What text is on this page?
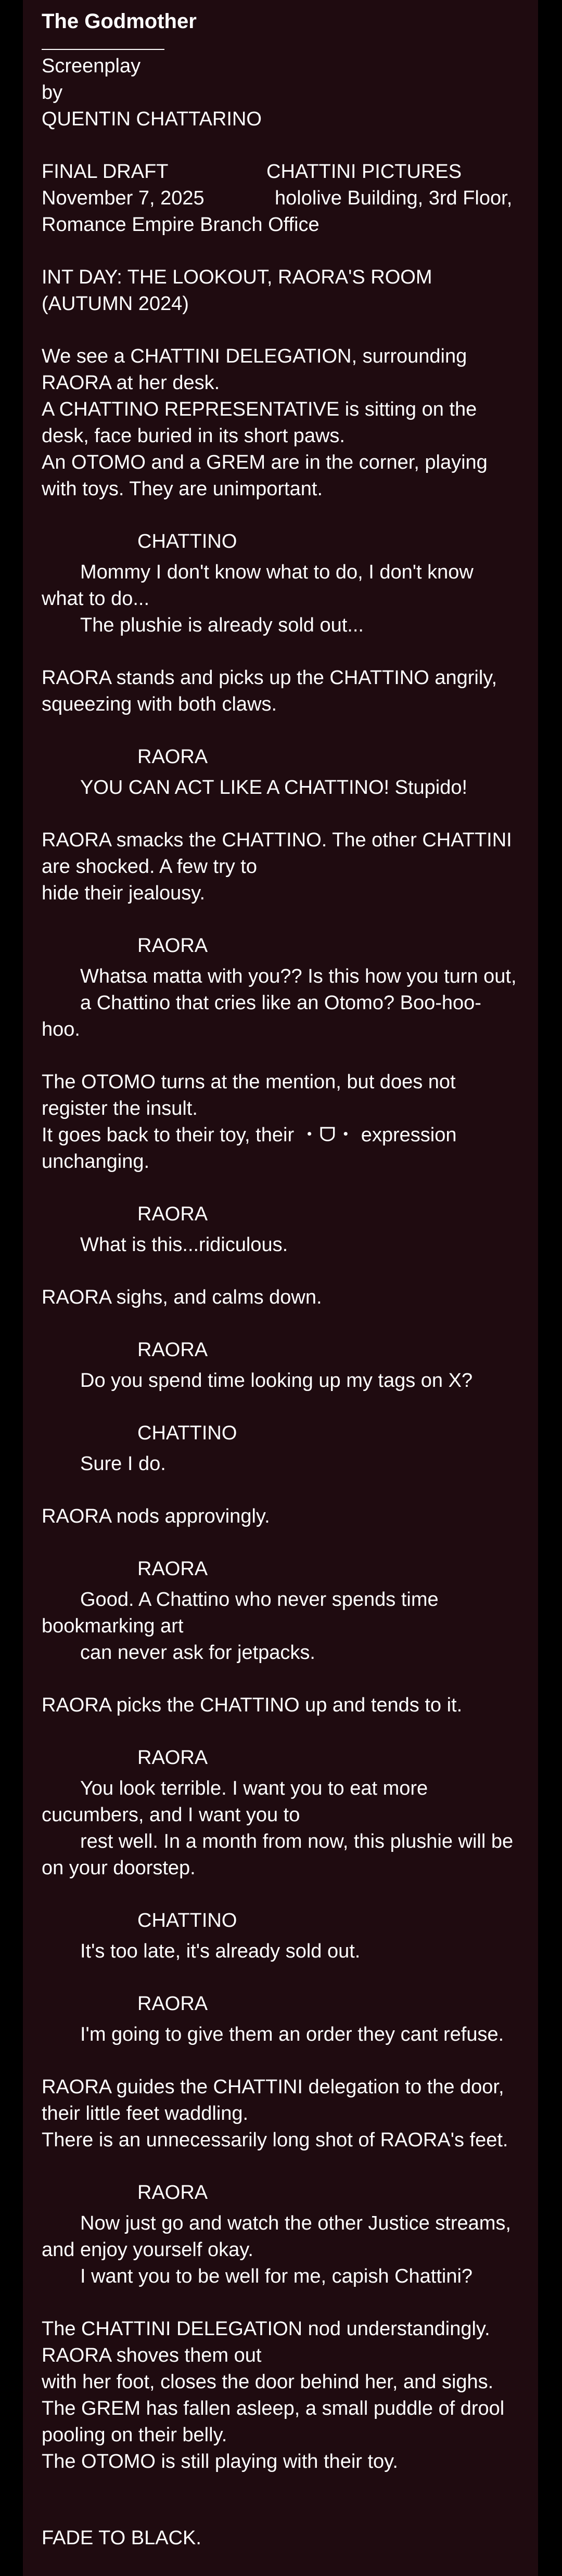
The Godmother

Screenplay
by
QUENTIN CHATTARINO
FINAL DRAFT	CHATTINI PICTURES
November 7, 2025	hololive Building, 3rd Floor,
Romance Empire Branch Office
INT DAY: THE LOOKOUT, RAORA'S ROOM (AUTUMN 2024)
We see a CHATTINI DELEGATION, surrounding RAORA at her desk.
A CHATTINO REPRESENTATIVE is sitting on the desk, face buried in its short paws.
An OTOMO and a GREM are in the corner, playing with toys. They are unimportant.
CHATTINO
Mommy I don't know what to do, I don't know what to do...
The plushie is already sold out...
RAORA stands and picks up the CHATTINO angrily, squeezing with both claws.
RAORA
YOU CAN ACT LIKE A CHATTINO! Stupido!
RAORA smacks the CHATTINO. The other CHATTINI are shocked. A few try to
hide their jealousy.
RAORA
Whatsa matta with you?? Is this how you turn out,
a Chattino that cries like an Otomo? Boo-hoo-hoo.
The OTOMO turns at the mention, but does not register the insult.
It goes back to their toy, their ・ᗜ・ expression unchanging.
RAORA
What is this...ridiculous.
RAORA sighs, and calms down.
RAORA
Do you spend time looking up my tags on X?
CHATTINO
Sure I do.
RAORA nods approvingly.
RAORA
Good. A Chattino who never spends time bookmarking art
can never ask for jetpacks.
RAORA picks the CHATTINO up and tends to it.
RAORA
You look terrible. I want you to eat more cucumbers, and I want you to
rest well. In a month from now, this plushie will be on your doorstep.
CHATTINO
It's too late, it's already sold out.
RAORA
I'm going to give them an order they cant refuse.
RAORA guides the CHATTINI delegation to the door, their little feet waddling.
There is an unnecessarily long shot of RAORA's feet.
RAORA
Now just go and watch the other Justice streams, and enjoy yourself okay.
I want you to be well for me, capish Chattini?
The CHATTINI DELEGATION nod understandingly. RAORA shoves them out
with her foot, closes the door behind her, and sighs.
The GREM has fallen asleep, a small puddle of drool pooling on their belly.
The OTOMO is still playing with their toy.
FADE TO BLACK.
